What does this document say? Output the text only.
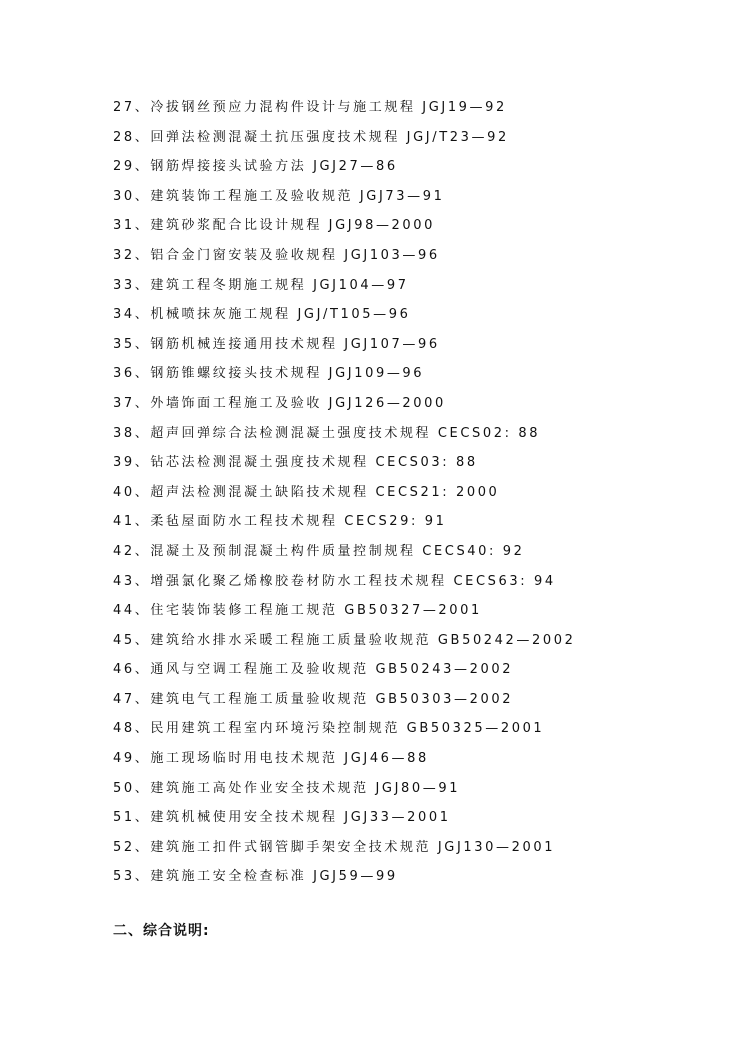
27、冷拔钢丝预应力混构件设计与施工规程 JGJ19—92
28、回弹法检测混凝土抗压强度技术规程 JGJ/T23—92
29、钢筋焊接接头试验方法 JGJ27—86
30、建筑装饰工程施工及验收规范 JGJ73—91
31、建筑砂浆配合比设计规程 JGJ98—2000
32、铝合金门窗安装及验收规程 JGJ103—96
33、建筑工程冬期施工规程 JGJ104—97
34、机械喷抹灰施工规程 JGJ/T105—96
35、钢筋机械连接通用技术规程 JGJ107—96
36、钢筋锥螺纹接头技术规程 JGJ109—96
37、外墙饰面工程施工及验收 JGJ126—2000
38、超声回弹综合法检测混凝土强度技术规程 CECS02: 88
39、钻芯法检测混凝土强度技术规程 CECS03: 88
40、超声法检测混凝土缺陷技术规程 CECS21: 2000
41、柔毡屋面防水工程技术规程 CECS29: 91
42、混凝土及预制混凝土构件质量控制规程 CECS40: 92
43、增强氯化聚乙烯橡胶卷材防水工程技术规程 CECS63: 94
44、住宅装饰装修工程施工规范 GB50327—2001
45、建筑给水排水采暖工程施工质量验收规范 GB50242—2002
46、通风与空调工程施工及验收规范 GB50243—2002
47、建筑电气工程施工质量验收规范 GB50303—2002
48、民用建筑工程室内环境污染控制规范 GB50325—2001
49、施工现场临时用电技术规范 JGJ46—88
50、建筑施工高处作业安全技术规范 JGJ80—91
51、建筑机械使用安全技术规程 JGJ33—2001
52、建筑施工扣件式钢管脚手架安全技术规范 JGJ130—2001
53、建筑施工安全检查标准 JGJ59—99
二、综合说明:
